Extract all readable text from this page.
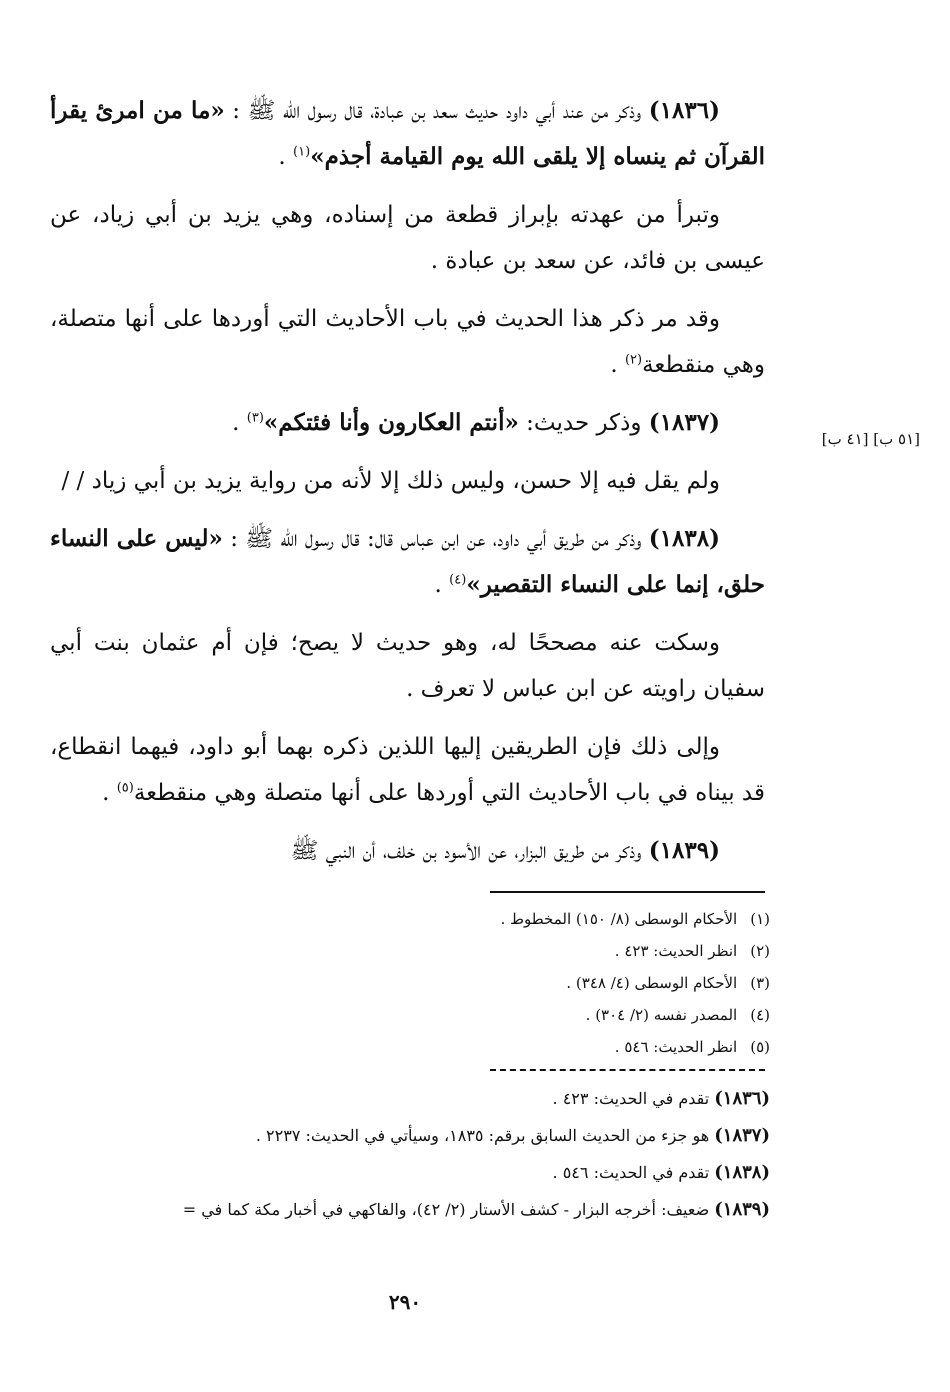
(١٨٣٦) وذكر من عند أبي داود حديث سعد بن عبادة، قال رسول الله ﷺ : «ما من امرئ يقرأ القرآن ثم ينساه إلا يلقى الله يوم القيامة أجذم»$^{(١)}$ .

وتبرأ من عهدته بإبراز قطعة من إسناده، وهي يزيد بن أبي زياد، عن عيسى بن فائد، عن سعد بن عبادة .

وقد مر ذكر هذا الحديث في باب الأحاديث التي أوردها على أنها متصلة، وهي منقطعة$^{(٢)}$ .

(١٨٣٧) وذكر حديث: «أنتم العكارون وأنا فئتكم»$^{(٣)}$ .

ولم يقل فيه إلا حسن، وليس ذلك إلا لأنه من رواية يزيد بن أبي زياد / /

(١٨٣٨) وذكر من طريق أبي داود، عن ابن عباس قال: قال رسول الله ﷺ : «ليس على النساء حلق، إنما على النساء التقصير»$^{(٤)}$ .

وسكت عنه مصححًا له، وهو حديث لا يصح؛ فإن أم عثمان بنت أبي سفيان راويته عن ابن عباس لا تعرف .

وإلى ذلك فإن الطريقين إليها اللذين ذكره بهما أبو داود، فيهما انقطاع، قد بيناه في باب الأحاديث التي أوردها على أنها متصلة وهي منقطعة$^{(٥)}$ .

(١٨٣٩) وذكر من طريق البزار، عن الأسود بن خلف، أن النبي ﷺ

[٥١ ب] [٤١ ب]
(١) الأحكام الوسطى (٨/ ١٥٠) المخطوط .
(٢) انظر الحديث: ٤٢٣ .
(٣) الأحكام الوسطى (٤/ ٣٤٨) .
(٤) المصدر نفسه (٢/ ٣٠٤) .
(٥) انظر الحديث: ٥٤٦ .
(١٨٣٦) تقدم في الحديث: ٤٢٣ .
(١٨٣٧) هو جزء من الحديث السابق برقم: ١٨٣٥، وسيأتي في الحديث: ٢٢٣٧ .
(١٨٣٨) تقدم في الحديث: ٥٤٦ .
(١٨٣٩) ضعيف: أخرجه البزار - كشف الأستار (٢/ ٤٢)، والفاكهي في أخبار مكة كما في =
٢٩٠
